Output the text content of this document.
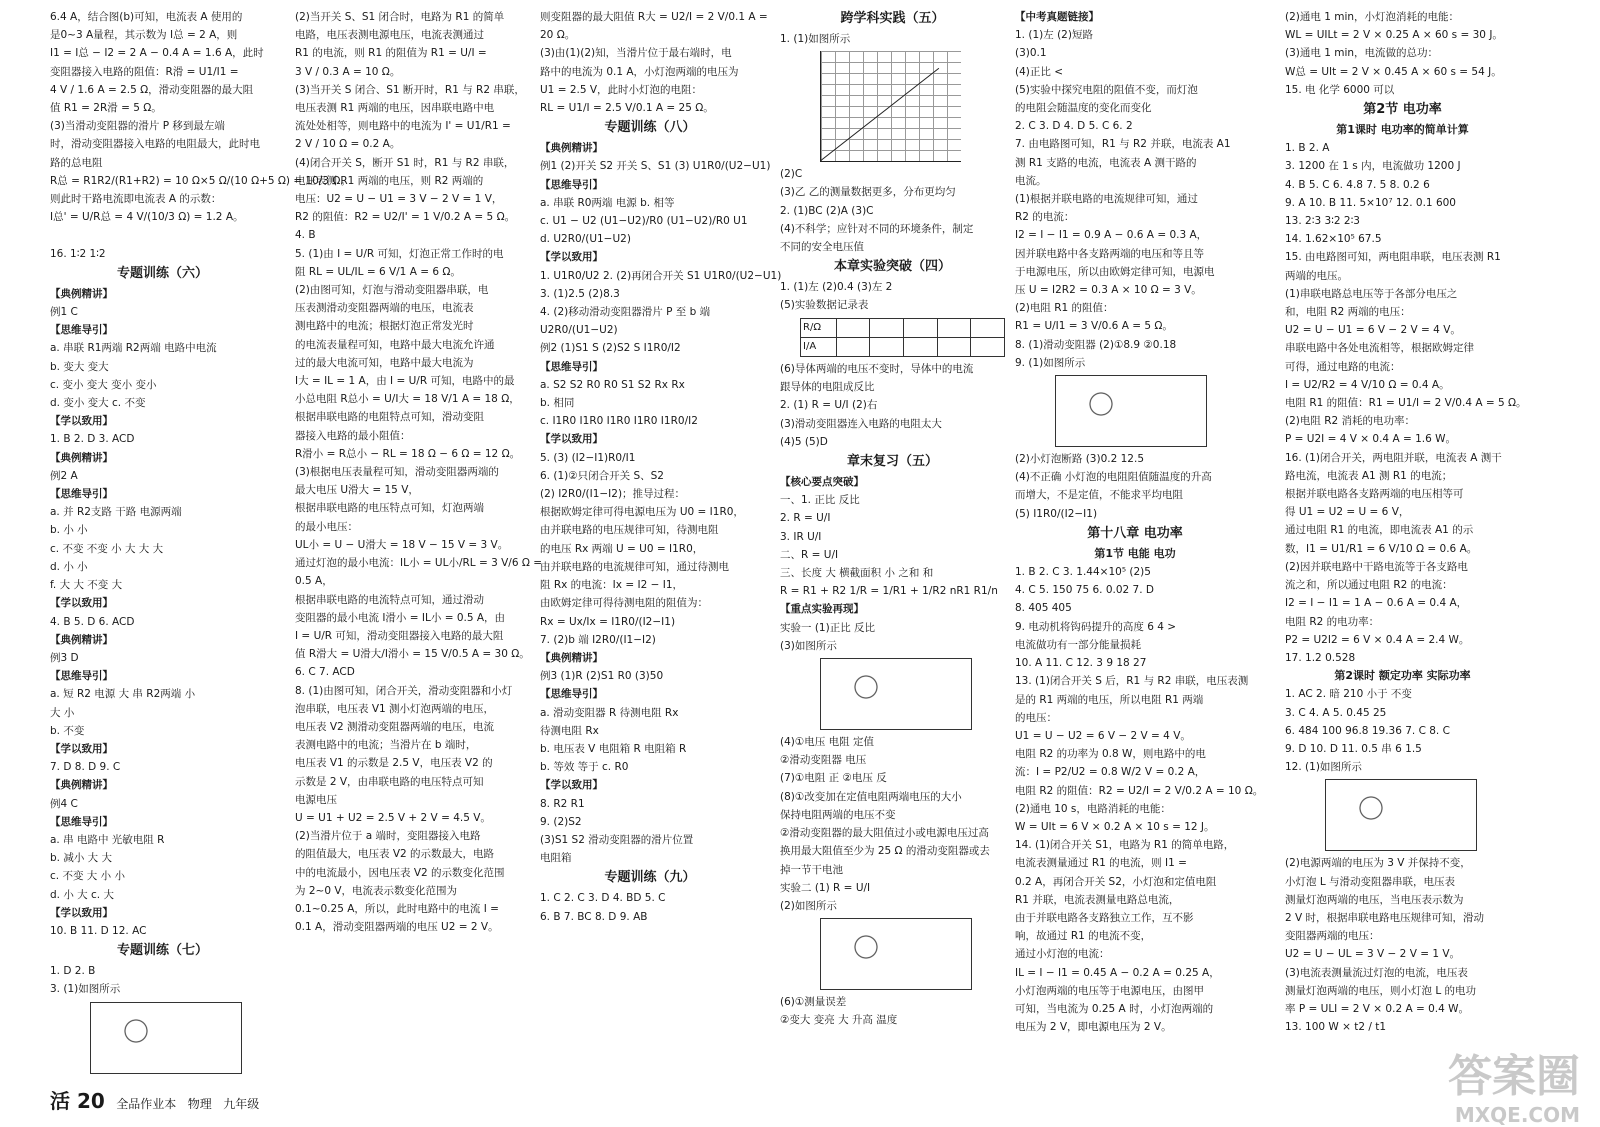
6.4 A，结合图(b)可知，电流表 A 使用的
是0~3 A量程，其示数为 I总 = 2 A，则
I1 = I总 − I2 = 2 A − 0.4 A = 1.6 A，此时
变阻器接入电路的阻值：R滑 = U1/I1 =
4 V / 1.6 A = 2.5 Ω，滑动变阻器的最大阻
值 R1 = 2R滑 = 5 Ω。
(3)当滑动变阻器的滑片 P 移到最左端
时，滑动变阻器接入电路的电阻最大，此时电
路的总电阻
R总 = R1R2/(R1+R2) = 10 Ω×5 Ω/(10 Ω+5 Ω) = 10/3 Ω。
则此时干路电流即电流表 A 的示数：
I总' = U/R总 = 4 V/(10/3 Ω) = 1.2 A。

16. 1∶2 1∶2
专题训练（六）
【典例精讲】
例1 C
【思维导引】
a. 串联 R1两端 R2两端 电路中电流
b. 变大 变大
c. 变小 变大 变小 变小
d. 变小 变大 c. 不变
【学以致用】
1. B 2. D 3. ACD
【典例精讲】
例2 A
【思维导引】
a. 并 R2支路 干路 电源两端
b. 小 小
c. 不变 不变 小 大 大 大
d. 小 小
f. 大 大 不变 大
【学以致用】
4. B 5. D 6. ACD
【典例精讲】
例3 D
【思维导引】
a. 短 R2 电源 大 串 R2两端 小
大 小
b. 不变
【学以致用】
7. D 8. D 9. C
【典例精讲】
例4 C
【思维导引】
a. 串 电路中 光敏电阻 R
b. 减小 大 大
c. 不变 大 小 小
d. 小 大 c. 大
【学以致用】
10. B 11. D 12. AC
专题训练（七）
1. D 2. B
3. (1)如图所示
(2)当开关 S、S1 闭合时，电路为 R1 的简单
电路，电压表测电源电压，电流表测通过
R1 的电流，则 R1 的阻值为 R1 = U/I =
3 V / 0.3 A = 10 Ω。
(3)当开关 S 闭合、S1 断开时，R1 与 R2 串联，
电压表测 R1 两端的电压，因串联电路中电
流处处相等，则电路中的电流为 I' = U1/R1 =
2 V / 10 Ω = 0.2 A。
(4)闭合开关 S，断开 S1 时，R1 与 R2 串联，
电压表测 R1 两端的电压，则 R2 两端的
电压：U2 = U − U1 = 3 V − 2 V = 1 V，
R2 的阻值：R2 = U2/I' = 1 V/0.2 A = 5 Ω。
4. B
5. (1)由 I = U/R 可知，灯泡正常工作时的电
阻 RL = UL/IL = 6 V/1 A = 6 Ω。
(2)由图可知，灯泡与滑动变阻器串联，电
压表测滑动变阻器两端的电压，电流表
测电路中的电流；根据灯泡正常发光时
的电流表量程可知，电路中最大电流允许通
过的最大电流可知，电路中最大电流为
I大 = IL = 1 A，由 I = U/R 可知，电路中的最
小总电阻 R总小 = U/I大 = 18 V/1 A = 18 Ω，
根据串联电路的电阻特点可知，滑动变阻
器接入电路的最小阻值：
R滑小 = R总小 − RL = 18 Ω − 6 Ω = 12 Ω。
(3)根据电压表量程可知，滑动变阻器两端的
最大电压 U滑大 = 15 V，
根据串联电路的电压特点可知，灯泡两端
的最小电压：
UL小 = U − U滑大 = 18 V − 15 V = 3 V。
通过灯泡的最小电流：IL小 = UL小/RL = 3 V/6 Ω =
0.5 A，
根据串联电路的电流特点可知，通过滑动
变阻器的最小电流 I滑小 = IL小 = 0.5 A，由
I = U/R 可知，滑动变阻器接入电路的最大阻
值 R滑大 = U滑大/I滑小 = 15 V/0.5 A = 30 Ω。
6. C 7. ACD
8. (1)由图可知，闭合开关，滑动变阻器和小灯
泡串联，电压表 V1 测小灯泡两端的电压，
电压表 V2 测滑动变阻器两端的电压，电流
表测电路中的电流；当滑片在 b 端时，
电压表 V1 的示数是 2.5 V，电压表 V2 的
示数是 2 V，由串联电路的电压特点可知
电源电压
U = U1 + U2 = 2.5 V + 2 V = 4.5 V。
(2)当滑片位于 a 端时，变阻器接入电路
的阻值最大，电压表 V2 的示数最大，电路
中的电流最小，因电压表 V2 的示数变化范围
为 2~0 V，电流表示数变化范围为
0.1~0.25 A，所以，此时电路中的电流 I =
0.1 A，滑动变阻器两端的电压 U2 = 2 V。
则变阻器的最大阻值 R大 = U2/I = 2 V/0.1 A =
20 Ω。
(3)由(1)(2)知，当滑片位于最右端时，电
路中的电流为 0.1 A，小灯泡两端的电压为
U1 = 2.5 V，此时小灯泡的电阻：
RL = U1/I = 2.5 V/0.1 A = 25 Ω。
专题训练（八）
【典例精讲】
例1 (2)开关 S2 开关 S、S1 (3) U1R0/(U2−U1)
【思维导引】
a. 串联 R0两端 电源 b. 相等
c. U1 − U2 (U1−U2)/R0 (U1−U2)/R0 U1
d. U2R0/(U1−U2)
【学以致用】
1. U1R0/U2 2. (2)再闭合开关 S1 U1R0/(U2−U1)
3. (1)2.5 (2)8.3
4. (2)移动滑动变阻器滑片 P 至 b 端
U2R0/(U1−U2)
例2 (1)S1 S (2)S2 S I1R0/I2
【思维导引】
a. S2 S2 R0 R0 S1 S2 Rx Rx
b. 相同
c. I1R0 I1R0 I1R0 I1R0 I1R0/I2
【学以致用】
5. (3) (I2−I1)R0/I1
6. (1)②只闭合开关 S、S2
(2) I2R0/(I1−I2)；推导过程：
根据欧姆定律可得电源电压为 U0 = I1R0，
由并联电路的电压规律可知，待测电阻
的电压 Rx 两端 U = U0 = I1R0，
由并联电路的电流规律可知，通过待测电
阻 Rx 的电流：Ix = I2 − I1，
由欧姆定律可得待测电阻的阻值为：
Rx = Ux/Ix = I1R0/(I2−I1)
7. (2)b 端 I2R0/(I1−I2)
【典例精讲】
例3 (1)R (2)S1 R0 (3)50
【思维导引】
a. 滑动变阻器 R 待测电阻 Rx
待测电阻 Rx
b. 电压表 V 电阻箱 R 电阻箱 R
b. 等效 等于 c. R0
【学以致用】
8. R2 R1
9. (2)S2
(3)S1 S2 滑动变阻器的滑片位置
电阻箱
专题训练（九）
1. C 2. C 3. D 4. BD 5. C
6. B 7. BC 8. D 9. AB
跨学科实践（五）
1. (1)如图所示
(2)C
(3)乙 乙的测量数据更多，分布更均匀
2. (1)BC (2)A (3)C
(4)不科学；应针对不同的环境条件，制定
不同的安全电压值
本章实验突破（四）
1. (1)左 (2)0.4 (3)左 2
(5)实验数据记录表
R/Ω					
I/A					
(6)导体两端的电压不变时，导体中的电流
跟导体的电阻成反比
2. (1) R = U/I (2)右
(3)滑动变阻器连入电路的电阻太大
(4)5 (5)D
章末复习（五）
【核心要点突破】
一、1. 正比 反比
2. R = U/I
3. IR U/I
二、R = U/I
三、长度 大 横截面积 小 之和 和
R = R1 + R2 1/R = 1/R1 + 1/R2 nR1 R1/n
【重点实验再现】
实验一 (1)正比 反比
(3)如图所示
(4)①电压 电阻 定值
②滑动变阻器 电压
(7)①电阻 正 ②电压 反
(8)①改变加在定值电阻两端电压的大小
保持电阻两端的电压不变
②滑动变阻器的最大阻值过小或电源电压过高
换用最大阻值至少为 25 Ω 的滑动变阻器或去
掉一节干电池
实验二 (1) R = U/I
(2)如图所示
(6)①测量误差
②变大 变亮 大 升高 温度
【中考真题链接】
1. (1)左 (2)短路
(3)0.1
(4)正比 <
(5)实验中探究电阻的阻值不变，而灯泡
的电阻会随温度的变化而变化
2. C 3. D 4. D 5. C 6. 2
7. 由电路图可知，R1 与 R2 并联，电流表 A1
测 R1 支路的电流，电流表 A 测干路的
电流。
(1)根据并联电路的电流规律可知，通过
R2 的电流：
I2 = I − I1 = 0.9 A − 0.6 A = 0.3 A，
因并联电路中各支路两端的电压和等且等
于电源电压，所以由欧姆定律可知，电源电
压 U = I2R2 = 0.3 A × 10 Ω = 3 V。
(2)电阻 R1 的阻值：
R1 = U/I1 = 3 V/0.6 A = 5 Ω。
8. (1)滑动变阻器 (2)①8.9 ②0.18
9. (1)如图所示
(2)小灯泡断路 (3)0.2 12.5
(4)不正确 小灯泡的电阻阻值随温度的升高
而增大，不是定值，不能求平均电阻
(5) I1R0/(I2−I1)
第十八章 电功率
第1节 电能 电功
1. B 2. C 3. 1.44×10⁵ (2)5
4. C 5. 150 75 6. 0.02 7. D
8. 405 405
9. 电动机将钩码提升的高度 6 4 >
电流做功有一部分能量损耗
10. A 11. C 12. 3 9 18 27
13. (1)闭合开关 S 后，R1 与 R2 串联，电压表测
是的 R1 两端的电压，所以电阻 R1 两端
的电压：
U1 = U − U2 = 6 V − 2 V = 4 V。
电阻 R2 的功率为 0.8 W，则电路中的电
流：I = P2/U2 = 0.8 W/2 V = 0.2 A，
电阻 R2 的阻值：R2 = U2/I = 2 V/0.2 A = 10 Ω。
(2)通电 10 s，电路消耗的电能：
W = UIt = 6 V × 0.2 A × 10 s = 12 J。
14. (1)闭合开关 S1，电路为 R1 的简单电路，
电流表测量通过 R1 的电流，则 I1 =
0.2 A，再闭合开关 S2，小灯泡和定值电阻
R1 并联，电流表测量电路总电流，
由于并联电路各支路独立工作，互不影
响，故通过 R1 的电流不变，
通过小灯泡的电流：
IL = I − I1 = 0.45 A − 0.2 A = 0.25 A，
小灯泡两端的电压等于电源电压，由图甲
可知，当电流为 0.25 A 时，小灯泡两端的
电压为 2 V，即电源电压为 2 V。
(2)通电 1 min，小灯泡消耗的电能：
WL = UILt = 2 V × 0.25 A × 60 s = 30 J。
(3)通电 1 min，电流做的总功：
W总 = UIt = 2 V × 0.45 A × 60 s = 54 J。
15. 电 化学 6000 可以
第2节 电功率
第1课时 电功率的简单计算
1. B 2. A
3. 1200 在 1 s 内，电流做功 1200 J
4. B 5. C 6. 4.8 7. 5 8. 0.2 6
9. A 10. B 11. 5×10⁷ 12. 0.1 600
13. 2∶3 3∶2 2∶3
14. 1.62×10⁵ 67.5
15. 由电路图可知，两电阻串联，电压表测 R1
两端的电压。
(1)串联电路总电压等于各部分电压之
和，电阻 R2 两端的电压：
U2 = U − U1 = 6 V − 2 V = 4 V。
串联电路中各处电流相等，根据欧姆定律
可得，通过电路的电流：
I = U2/R2 = 4 V/10 Ω = 0.4 A。
电阻 R1 的阻值：R1 = U1/I = 2 V/0.4 A = 5 Ω。
(2)电阻 R2 消耗的电功率：
P = U2I = 4 V × 0.4 A = 1.6 W。
16. (1)闭合开关，两电阻并联，电流表 A 测干
路电流，电流表 A1 测 R1 的电流；
根据并联电路各支路两端的电压相等可
得 U1 = U2 = U = 6 V，
通过电阻 R1 的电流，即电流表 A1 的示
数，I1 = U1/R1 = 6 V/10 Ω = 0.6 A。
(2)因并联电路中干路电流等于各支路电
流之和，所以通过电阻 R2 的电流：
I2 = I − I1 = 1 A − 0.6 A = 0.4 A，
电阻 R2 的电功率：
P2 = U2I2 = 6 V × 0.4 A = 2.4 W。
17. 1.2 0.528
第2课时 额定功率 实际功率
1. AC 2. 暗 210 小于 不变
3. C 4. A 5. 0.45 25
6. 484 100 96.8 19.36 7. C 8. C
9. D 10. D 11. 0.5 串 6 1.5
12. (1)如图所示
(2)电源两端的电压为 3 V 并保持不变，
小灯泡 L 与滑动变阻器串联，电压表
测量灯泡两端的电压，当电压表示数为
2 V 时，根据串联电路电压规律可知，滑动
变阻器两端的电压：
U2 = U − UL = 3 V − 2 V = 1 V。
(3)电流表测量流过灯泡的电流，电压表
测量灯泡两端的电压，则小灯泡 L 的电功
率 P = ULI = 2 V × 0.2 A = 0.4 W。
13. 100 W × t2 / t1
活 20 全品作业本 物理 九年级
答案圈
MXQE.COM
